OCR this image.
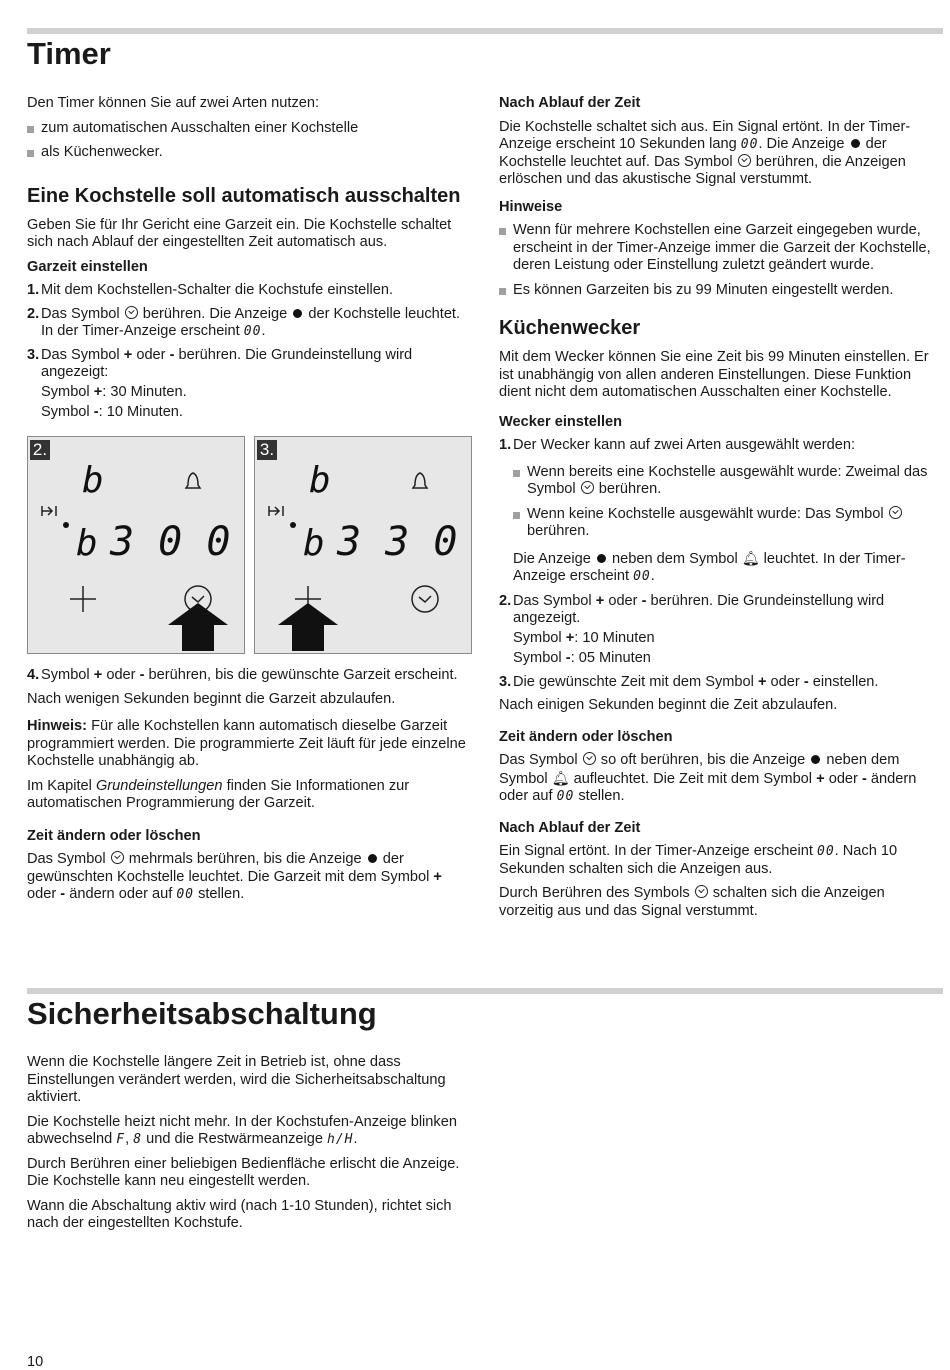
Timer

Den Timer können Sie auf zwei Arten nutzen:

zum automatischen Ausschalten einer Kochstelle
als Küchenwecker.
Eine Kochstelle soll automatisch ausschalten

Geben Sie für Ihr Gericht eine Garzeit ein. Die Kochstelle schaltet sich nach Ablauf der eingestellten Zeit automatisch aus.

Garzeit einstellen
1. Mit dem Kochstellen-Schalter die Kochstufe einstellen.
2. Das Symbol berühren. Die Anzeige der Kochstelle leuchtet. In der Timer-Anzeige erscheint 00.
3. Das Symbol + oder - berühren. Die Grundeinstellung wird angezeigt:
Symbol +: 30 Minuten.
Symbol -: 10 Minuten.
2.
b
b 3 0 0
3.
b
b 3 3 0
4. Symbol + oder - berühren, bis die gewünschte Garzeit erscheint.

Nach wenigen Sekunden beginnt die Garzeit abzulaufen.

Hinweis: Für alle Kochstellen kann automatisch dieselbe Garzeit programmiert werden. Die programmierte Zeit läuft für jede einzelne Kochstelle unabhängig ab.

Im Kapitel Grundeinstellungen finden Sie Informationen zur automatischen Programmierung der Garzeit.

Zeit ändern oder löschen

Das Symbol mehrmals berühren, bis die Anzeige der gewünschten Kochstelle leuchtet. Die Garzeit mit dem Symbol + oder - ändern oder auf 00 stellen.

Nach Ablauf der Zeit

Die Kochstelle schaltet sich aus. Ein Signal ertönt. In der Timer-Anzeige erscheint 10 Sekunden lang 00. Die Anzeige der Kochstelle leuchtet auf. Das Symbol berühren, die Anzeigen erlöschen und das akustische Signal verstummt.

Hinweise
Wenn für mehrere Kochstellen eine Garzeit eingegeben wurde, erscheint in der Timer-Anzeige immer die Garzeit der Kochstelle, deren Leistung oder Einstellung zuletzt geändert wurde.
Es können Garzeiten bis zu 99 Minuten eingestellt werden.
Küchenwecker

Mit dem Wecker können Sie eine Zeit bis 99 Minuten einstellen. Er ist unabhängig von allen anderen Einstellungen. Diese Funktion dient nicht dem automatischen Ausschalten einer Kochstelle.

Wecker einstellen
1. Der Wecker kann auf zwei Arten ausgewählt werden:
Wenn bereits eine Kochstelle ausgewählt wurde: Zweimal das Symbol berühren.
Wenn keine Kochstelle ausgewählt wurde: Das Symbol  berühren.

Die Anzeige neben dem Symbol 🔔︎ leuchtet. In der Timer-Anzeige erscheint 00.

2. Das Symbol + oder - berühren. Die Grundeinstellung wird angezeigt.
Symbol +: 10 Minuten
Symbol -: 05 Minuten
3. Die gewünschte Zeit mit dem Symbol + oder - einstellen.

Nach einigen Sekunden beginnt die Zeit abzulaufen.

Zeit ändern oder löschen

Das Symbol so oft berühren, bis die Anzeige neben dem Symbol 🔔︎ aufleuchtet. Die Zeit mit dem Symbol + oder - ändern oder auf 00 stellen.

Nach Ablauf der Zeit

Ein Signal ertönt. In der Timer-Anzeige erscheint 00. Nach 10 Sekunden schalten sich die Anzeigen aus.

Durch Berühren des Symbols schalten sich die Anzeigen vorzeitig aus und das Signal verstummt.

Sicherheitsabschaltung

Wenn die Kochstelle längere Zeit in Betrieb ist, ohne dass Einstellungen verändert werden, wird die Sicherheitsabschaltung aktiviert.

Die Kochstelle heizt nicht mehr. In der Kochstufen-Anzeige blinken abwechselnd F, 8 und die Restwärmeanzeige h/H.

Durch Berühren einer beliebigen Bedienfläche erlischt die Anzeige. Die Kochstelle kann neu eingestellt werden.

Wann die Abschaltung aktiv wird (nach 1-10 Stunden), richtet sich nach der eingestellten Kochstufe.

10
